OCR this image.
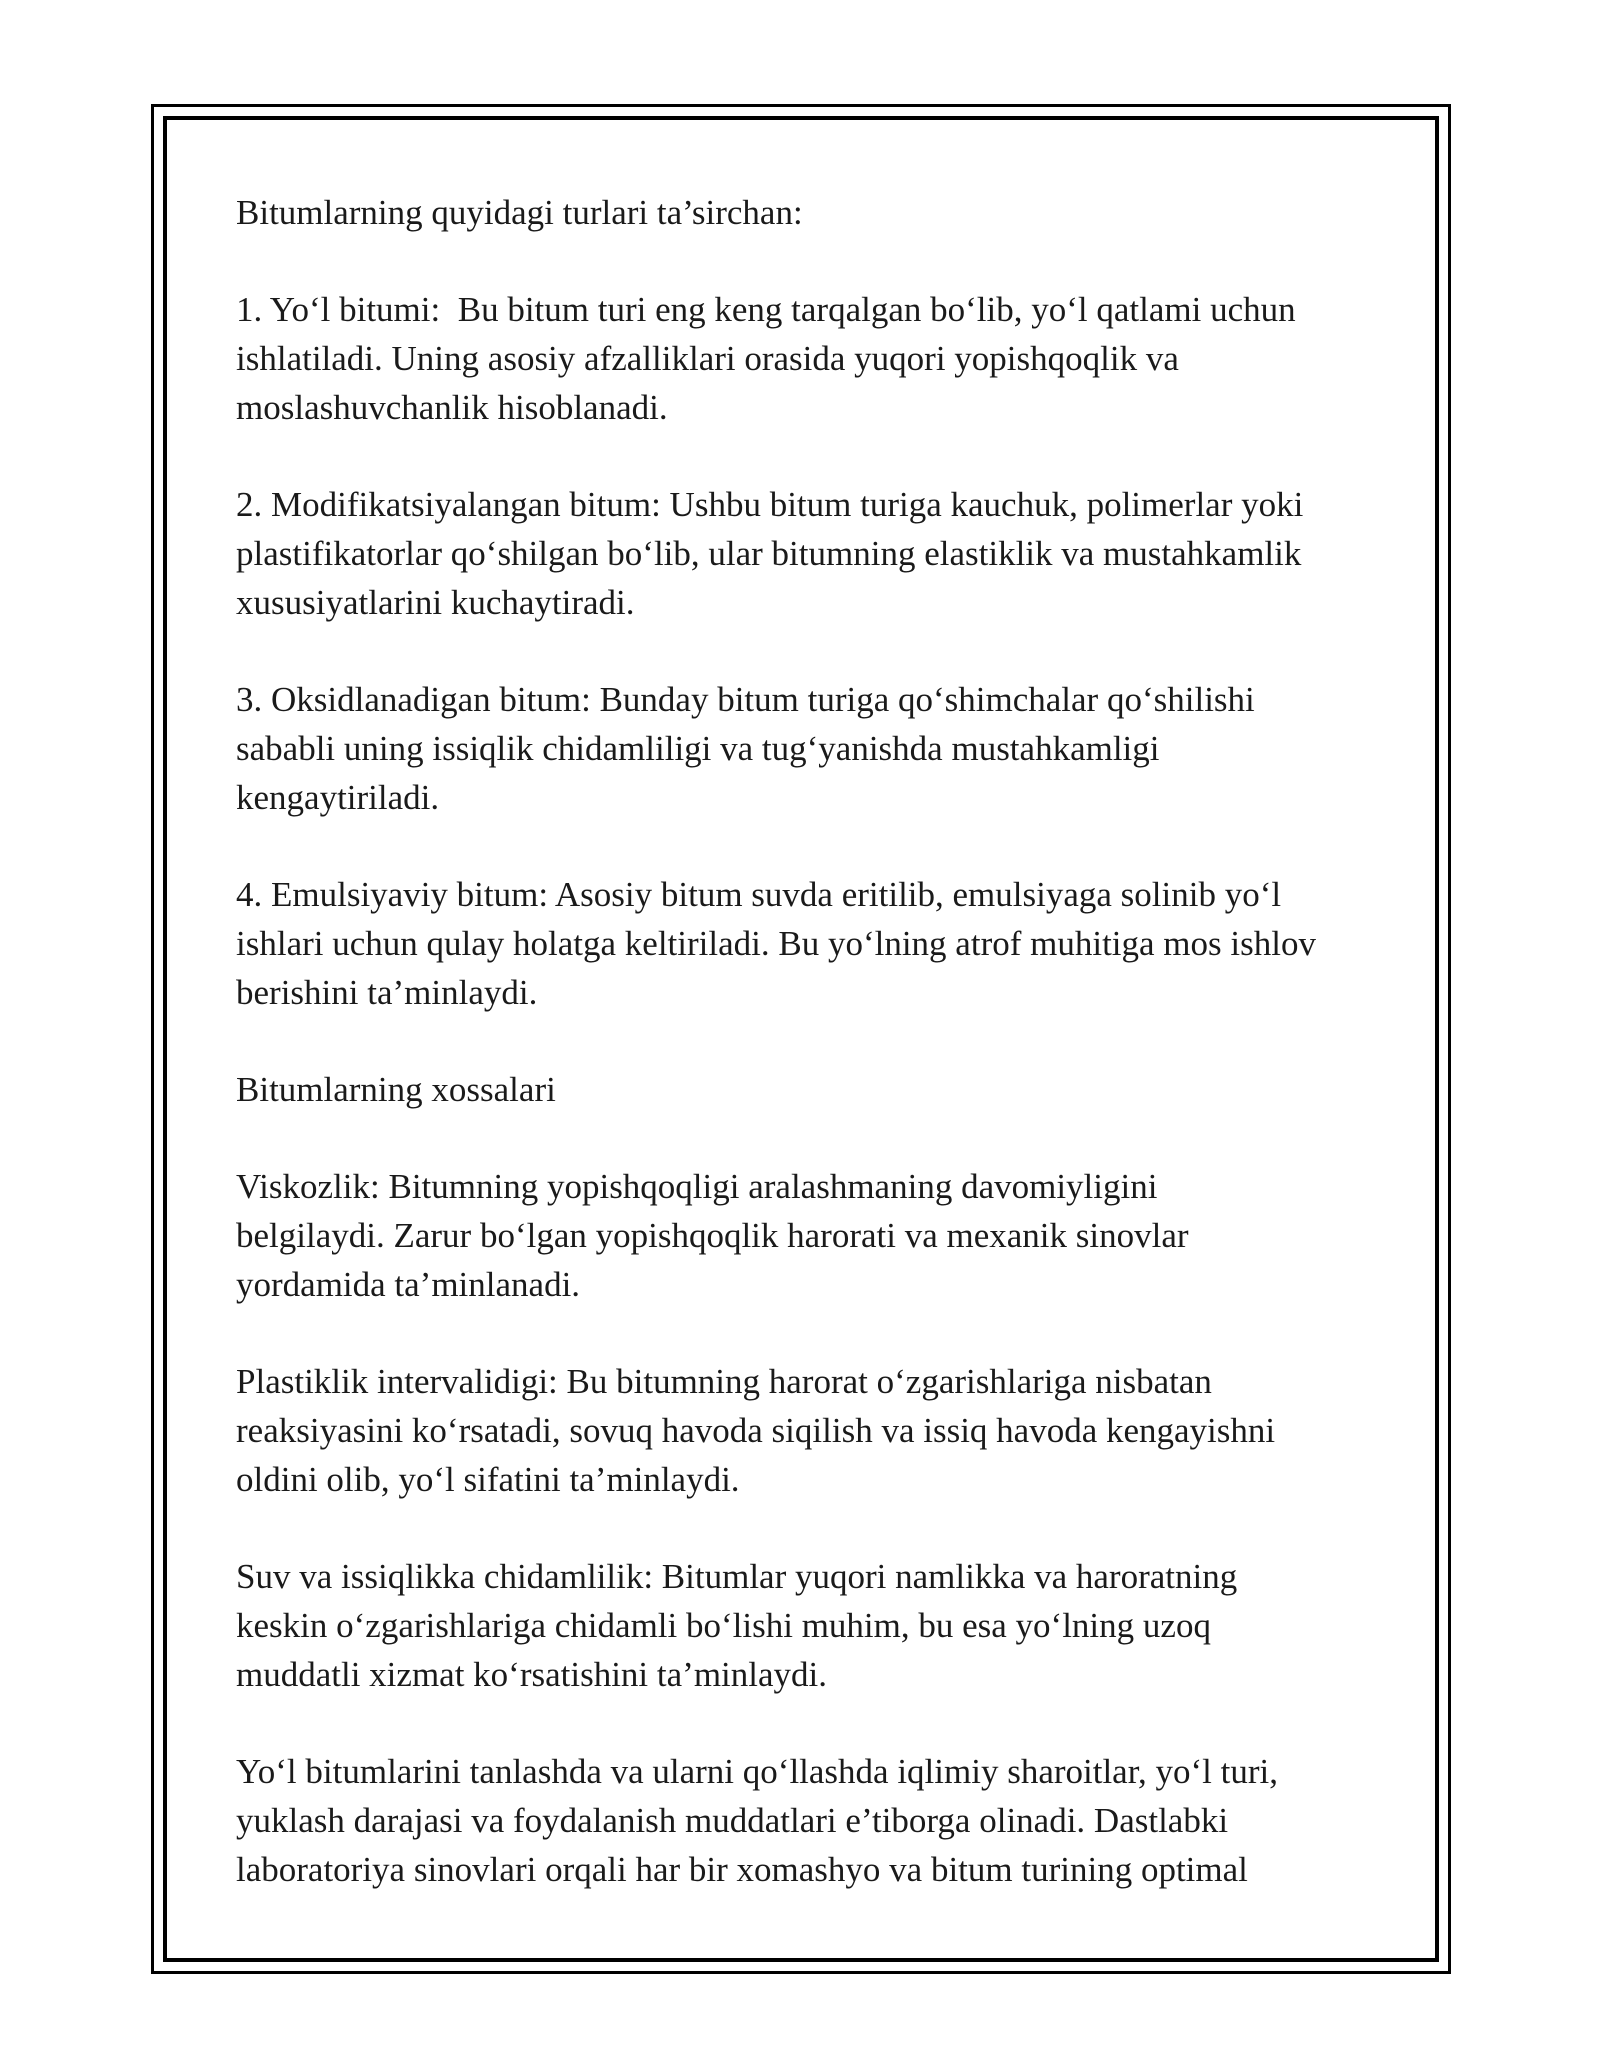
Bitumlarning quyidagi turlari ta’sirchan:

1. Yo‘l bitumi:  Bu bitum turi eng keng tarqalgan bo‘lib, yo‘l qatlami uchun
ishlatiladi. Uning asosiy afzalliklari orasida yuqori yopishqoqlik va
moslashuvchanlik hisoblanadi.

2. Modifikatsiyalangan bitum: Ushbu bitum turiga kauchuk, polimerlar yoki
plastifikatorlar qo‘shilgan bo‘lib, ular bitumning elastiklik va mustahkamlik
xususiyatlarini kuchaytiradi.

3. Oksidlanadigan bitum: Bunday bitum turiga qo‘shimchalar qo‘shilishi
sababli uning issiqlik chidamliligi va tug‘yanishda mustahkamligi
kengaytiriladi.

4. Emulsiyaviy bitum: Asosiy bitum suvda eritilib, emulsiyaga solinib yo‘l
ishlari uchun qulay holatga keltiriladi. Bu yo‘lning atrof muhitiga mos ishlov
berishini ta’minlaydi.

Bitumlarning xossalari

Viskozlik: Bitumning yopishqoqligi aralashmaning davomiyligini
belgilaydi. Zarur bo‘lgan yopishqoqlik harorati va mexanik sinovlar
yordamida ta’minlanadi.

Plastiklik intervalidigi: Bu bitumning harorat o‘zgarishlariga nisbatan
reaksiyasini ko‘rsatadi, sovuq havoda siqilish va issiq havoda kengayishni
oldini olib, yo‘l sifatini ta’minlaydi.

Suv va issiqlikka chidamlilik: Bitumlar yuqori namlikka va haroratning
keskin o‘zgarishlariga chidamli bo‘lishi muhim, bu esa yo‘lning uzoq
muddatli xizmat ko‘rsatishini ta’minlaydi.

Yo‘l bitumlarini tanlashda va ularni qo‘llashda iqlimiy sharoitlar, yo‘l turi,
yuklash darajasi va foydalanish muddatlari e’tiborga olinadi. Dastlabki
laboratoriya sinovlari orqali har bir xomashyo va bitum turining optimal
